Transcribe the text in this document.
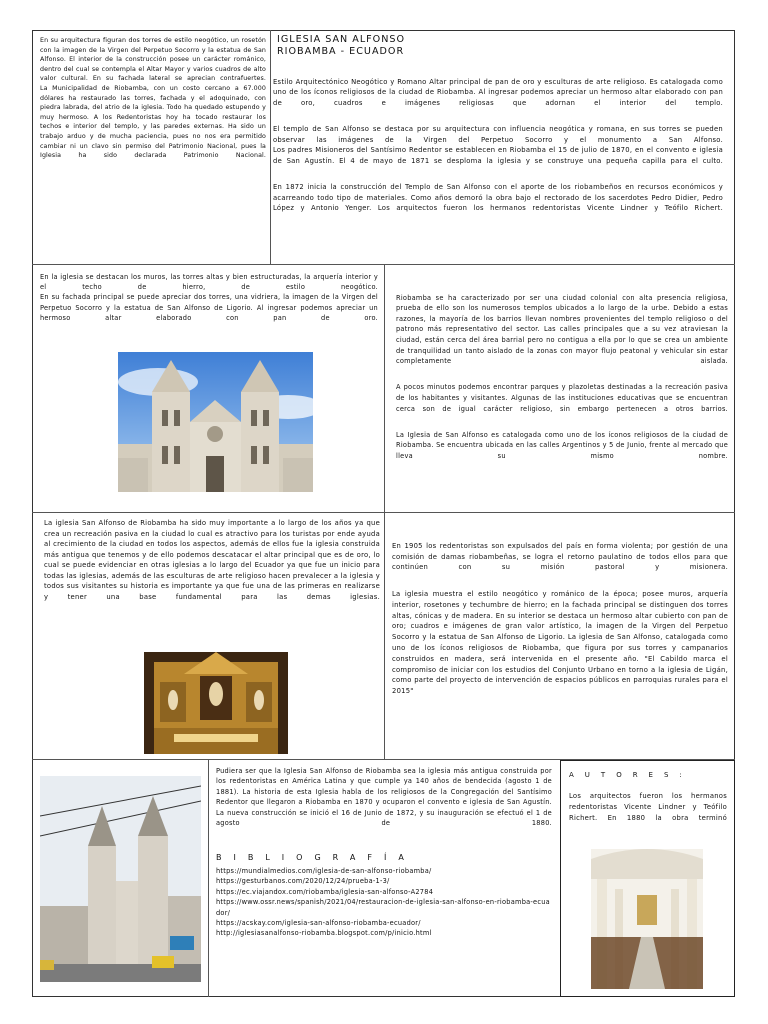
En su arquitectura figuran dos torres de estilo neogótico, un rosetón con la imagen de la Virgen del Perpetuo Socorro y la estatua de San Alfonso. El interior de la construcción posee un carácter románico, dentro del cual se contempla el Altar Mayor y varios cuadros de alto valor cultural. En su fachada lateral se aprecian contrafuertes.
La Municipalidad de Riobamba, con un costo cercano a 67.000 dólares ha restaurado las torres, fachada y el adoquinado, con piedra labrada, del atrio de la iglesia. Todo ha quedado estupendo y muy hermoso. A los Redentoristas hoy ha tocado restaurar los techos e interior del templo, y las paredes externas. Ha sido un trabajo arduo y de mucha paciencia, pues no nos era permitido cambiar ni un clavo sin permiso del Patrimonio Nacional, pues la Iglesia ha sido declarada Patrimonio Nacional.
IGLESIA SAN ALFONSO
RIOBAMBA - ECUADOR

Estilo Arquitectónico Neogótico y Romano Altar principal de pan de oro y esculturas de arte religioso. Es catalogada como uno de los íconos religiosos de la ciudad de Riobamba. Al ingresar podemos apreciar un hermoso altar elaborado con pan de oro, cuadros e imágenes religiosas que adornan el interior del templo.

El templo de San Alfonso se destaca por su arquitectura con influencia neogótica y romana, en sus torres se pueden observar las imágenes de la Virgen del Perpetuo Socorro y el monumento a San Alfonso.
Los padres Misioneros del Santísimo Redentor se establecen en Riobamba el 15 de julio de 1870, en el convento e iglesia de San Agustín. El 4 de mayo de 1871 se desploma la iglesia y se construye una pequeña capilla para el culto.

En 1872 inicia la construcción del Templo de San Alfonso con el aporte de los riobambeños en recursos económicos y acarreando todo tipo de materiales. Como años demoró la obra bajo el rectorado de los sacerdotes Pedro Didier, Pedro López y Antonio Yenger. Los arquitectos fueron los hermanos redentoristas Vicente Lindner y Teófilo Richert.

En la iglesia se destacan los muros, las torres altas y bien estructuradas, la arquería interior y el techo de hierro, de estilo neogótico.
En su fachada principal se puede apreciar dos torres, una vidriera, la imagen de la Virgen del Perpetuo Socorro y la estatua de San Alfonso de Ligorio. Al ingresar podemos apreciar un hermoso altar elaborado con pan de oro.

Riobamba se ha caracterizado por ser una ciudad colonial con alta presencia religiosa, prueba de ello son los numerosos templos ubicados a lo largo de la urbe. Debido a estas razones, la mayoría de los barrios llevan nombres provenientes del templo religioso o del patrono más representativo del sector. Las calles principales que a su vez atraviesan la ciudad, están cerca del área barrial pero no contigua a ella por lo que se crea un ambiente de tranquilidad un tanto aislado de la zonas con mayor flujo peatonal y vehicular sin estar completamente aislada.

A pocos minutos podemos encontrar parques y plazoletas destinadas a la recreación pasiva de los habitantes y visitantes. Algunas de las instituciones educativas que se encuentran cerca son de igual carácter religioso, sin embargo pertenecen a otros barrios.

La Iglesia de San Alfonso es catalogada como uno de los íconos religiosos de la ciudad de Riobamba. Se encuentra ubicada en las calles Argentinos y 5 de Junio, frente al mercado que lleva su mismo nombre.

La iglesia San Alfonso de Riobamba ha sido muy importante a lo largo de los años ya que crea un recreación pasiva en la ciudad lo cual es atractivo para los turistas por ende ayuda al crecimiento de la ciudad en todos los aspectos, además de ellos fue la iglesia construida más antigua que tenemos y de ello podemos descatacar el altar principal que es de oro, lo cual se puede evidenciar en otras iglesias a lo largo del Ecuador ya que fue un inicio para todas las iglesias, además de las esculturas de arte religioso hacen prevalecer a la iglesia y todos sus visitantes su historia es importante ya que fue una de las primeras en realizarse y tener una base fundamental para las demas iglesias.

En 1905 los redentoristas son expulsados del país en forma violenta; por gestión de una comisión de damas riobambeñas, se logra el retorno paulatino de todos ellos para que continúen con su misión pastoral y misionera.

La iglesia muestra el estilo neogótico y románico de la época; posee muros, arquería interior, rosetones y techumbre de hierro; en la fachada principal se distinguen dos torres altas, cónicas y de madera. En su interior se destaca un hermoso altar cubierto con pan de oro; cuadros e imágenes de gran valor artístico, la imagen de la Virgen del Perpetuo Socorro y la estatua de San Alfonso de Ligorio. La iglesia de San Alfonso, catalogada como uno de los íconos religiosos de Riobamba, que figura por sus torres y campanarios construidos en madera, será intervenida en el presente año. "El Cabildo marca el compromiso de iniciar con los estudios del Conjunto Urbano en torno a la iglesia de Ligán, como parte del proyecto de intervención de espacios públicos en parroquias rurales para el 2015"

Pudiera ser que la Iglesia San Alfonso de Riobamba sea la iglesia más antigua construida por los redentoristas en América Latina y que cumple ya 140 años de bendecida (agosto 1 de 1881). La historia de esta Iglesia habla de los religiosos de la Congregación del Santísimo Redentor que llegaron a Riobamba en 1870 y ocuparon el convento e iglesia de San Agustín. La nueva construcción se inició el 16 de Junio de 1872, y su inauguración se efectuó el 1 de agosto de 1880.
BIBLIOGRAFÍA
https://mundialmedios.com/iglesia-de-san-alfonso-riobamba/
https://gesturbanos.com/2020/12/24/prueba-1-3/
https://ec.viajandox.com/riobamba/iglesia-san-alfonso-A2784
https://www.ossr.news/spanish/2021/04/restauracion-de-iglesia-san-alfonso-en-riobamba-ecuador/
https://acskay.com/iglesia-san-alfonso-riobamba-ecuador/
http://iglesiasanalfonso-riobamba.blogspot.com/p/inicio.html
AUTORES:
Los arquitectos fueron los hermanos redentoristas Vicente Lindner y Teófilo Richert. En 1880 la obra terminó
